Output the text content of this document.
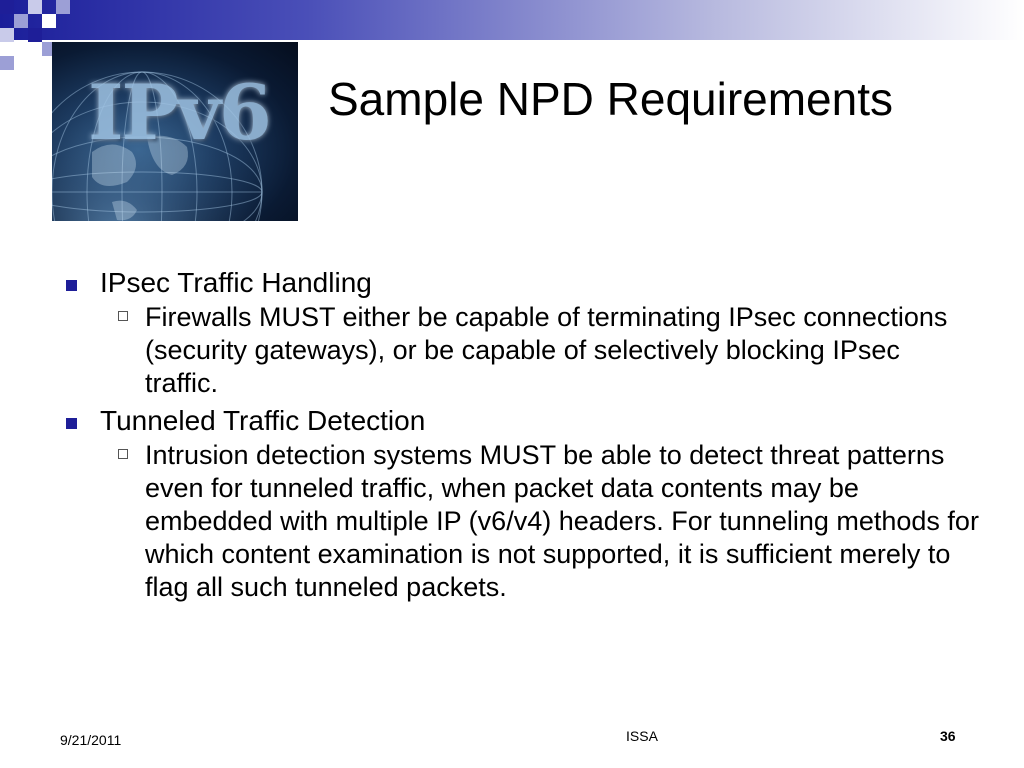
IPv6 Sample NPD Requirements
IPsec Traffic Handling
Firewalls MUST either be capable of terminating IPsec connections (security gateways), or be capable of selectively blocking IPsec traffic.
Tunneled Traffic Detection
Intrusion detection systems MUST be able to detect threat patterns even for tunneled traffic, when packet data contents may be embedded with multiple IP (v6/v4) headers. For tunneling methods for which content examination is not supported, it is sufficient merely to flag all such tunneled packets.
9/21/2011	ISSA	36
